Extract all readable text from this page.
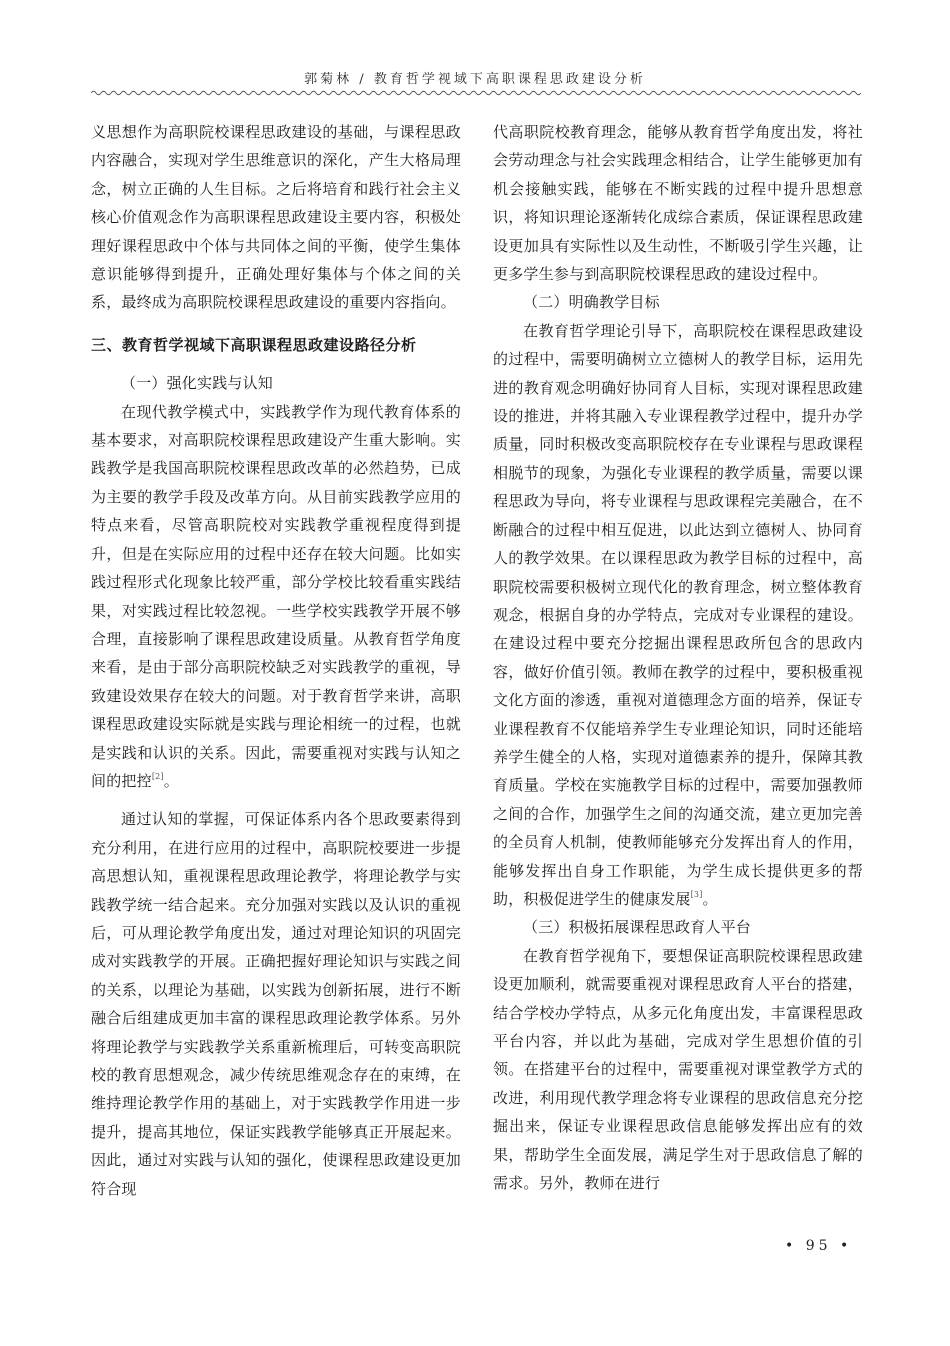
郭菊林 / 教育哲学视域下高职课程思政建设分析

义思想作为高职院校课程思政建设的基础，与课程思政内容融合，实现对学生思维意识的深化，产生大格局理念，树立正确的人生目标。之后将培育和践行社会主义核心价值观念作为高职课程思政建设主要内容，积极处理好课程思政中个体与共同体之间的平衡，使学生集体意识能够得到提升，正确处理好集体与个体之间的关系，最终成为高职院校课程思政建设的重要内容指向。

三、教育哲学视域下高职课程思政建设路径分析

（一）强化实践与认知

在现代教学模式中，实践教学作为现代教育体系的基本要求，对高职院校课程思政建设产生重大影响。实践教学是我国高职院校课程思政改革的必然趋势，已成为主要的教学手段及改革方向。从目前实践教学应用的特点来看，尽管高职院校对实践教学重视程度得到提升，但是在实际应用的过程中还存在较大问题。比如实践过程形式化现象比较严重，部分学校比较看重实践结果，对实践过程比较忽视。一些学校实践教学开展不够合理，直接影响了课程思政建设质量。从教育哲学角度来看，是由于部分高职院校缺乏对实践教学的重视，导致建设效果存在较大的问题。对于教育哲学来讲，高职课程思政建设实际就是实践与理论相统一的过程，也就是实践和认识的关系。因此，需要重视对实践与认知之间的把控[2]。

通过认知的掌握，可保证体系内各个思政要素得到充分利用，在进行应用的过程中，高职院校要进一步提高思想认知，重视课程思政理论教学，将理论教学与实践教学统一结合起来。充分加强对实践以及认识的重视后，可从理论教学角度出发，通过对理论知识的巩固完成对实践教学的开展。正确把握好理论知识与实践之间的关系，以理论为基础，以实践为创新拓展，进行不断融合后组建成更加丰富的课程思政理论教学体系。另外将理论教学与实践教学关系重新梳理后，可转变高职院校的教育思想观念，减少传统思维观念存在的束缚，在维持理论教学作用的基础上，对于实践教学作用进一步提升，提高其地位，保证实践教学能够真正开展起来。因此，通过对实践与认知的强化，使课程思政建设更加符合现

代高职院校教育理念，能够从教育哲学角度出发，将社会劳动理念与社会实践理念相结合，让学生能够更加有机会接触实践，能够在不断实践的过程中提升思想意识，将知识理论逐渐转化成综合素质，保证课程思政建设更加具有实际性以及生动性，不断吸引学生兴趣，让更多学生参与到高职院校课程思政的建设过程中。

（二）明确教学目标

在教育哲学理论引导下，高职院校在课程思政建设的过程中，需要明确树立立德树人的教学目标，运用先进的教育观念明确好协同育人目标，实现对课程思政建设的推进，并将其融入专业课程教学过程中，提升办学质量，同时积极改变高职院校存在专业课程与思政课程相脱节的现象，为强化专业课程的教学质量，需要以课程思政为导向，将专业课程与思政课程完美融合，在不断融合的过程中相互促进，以此达到立德树人、协同育人的教学效果。在以课程思政为教学目标的过程中，高职院校需要积极树立现代化的教育理念，树立整体教育观念，根据自身的办学特点，完成对专业课程的建设。在建设过程中要充分挖掘出课程思政所包含的思政内容，做好价值引领。教师在教学的过程中，要积极重视文化方面的渗透，重视对道德理念方面的培养，保证专业课程教育不仅能培养学生专业理论知识，同时还能培养学生健全的人格，实现对道德素养的提升，保障其教育质量。学校在实施教学目标的过程中，需要加强教师之间的合作，加强学生之间的沟通交流，建立更加完善的全员育人机制，使教师能够充分发挥出育人的作用，能够发挥出自身工作职能，为学生成长提供更多的帮助，积极促进学生的健康发展[3]。

（三）积极拓展课程思政育人平台

在教育哲学视角下，要想保证高职院校课程思政建设更加顺利，就需要重视对课程思政育人平台的搭建，结合学校办学特点，从多元化角度出发，丰富课程思政平台内容，并以此为基础，完成对学生思想价值的引领。在搭建平台的过程中，需要重视对课堂教学方式的改进，利用现代教学理念将专业课程的思政信息充分挖掘出来，保证专业课程思政信息能够发挥出应有的效果，帮助学生全面发展，满足学生对于思政信息了解的需求。另外，教师在进行

• 95 •
